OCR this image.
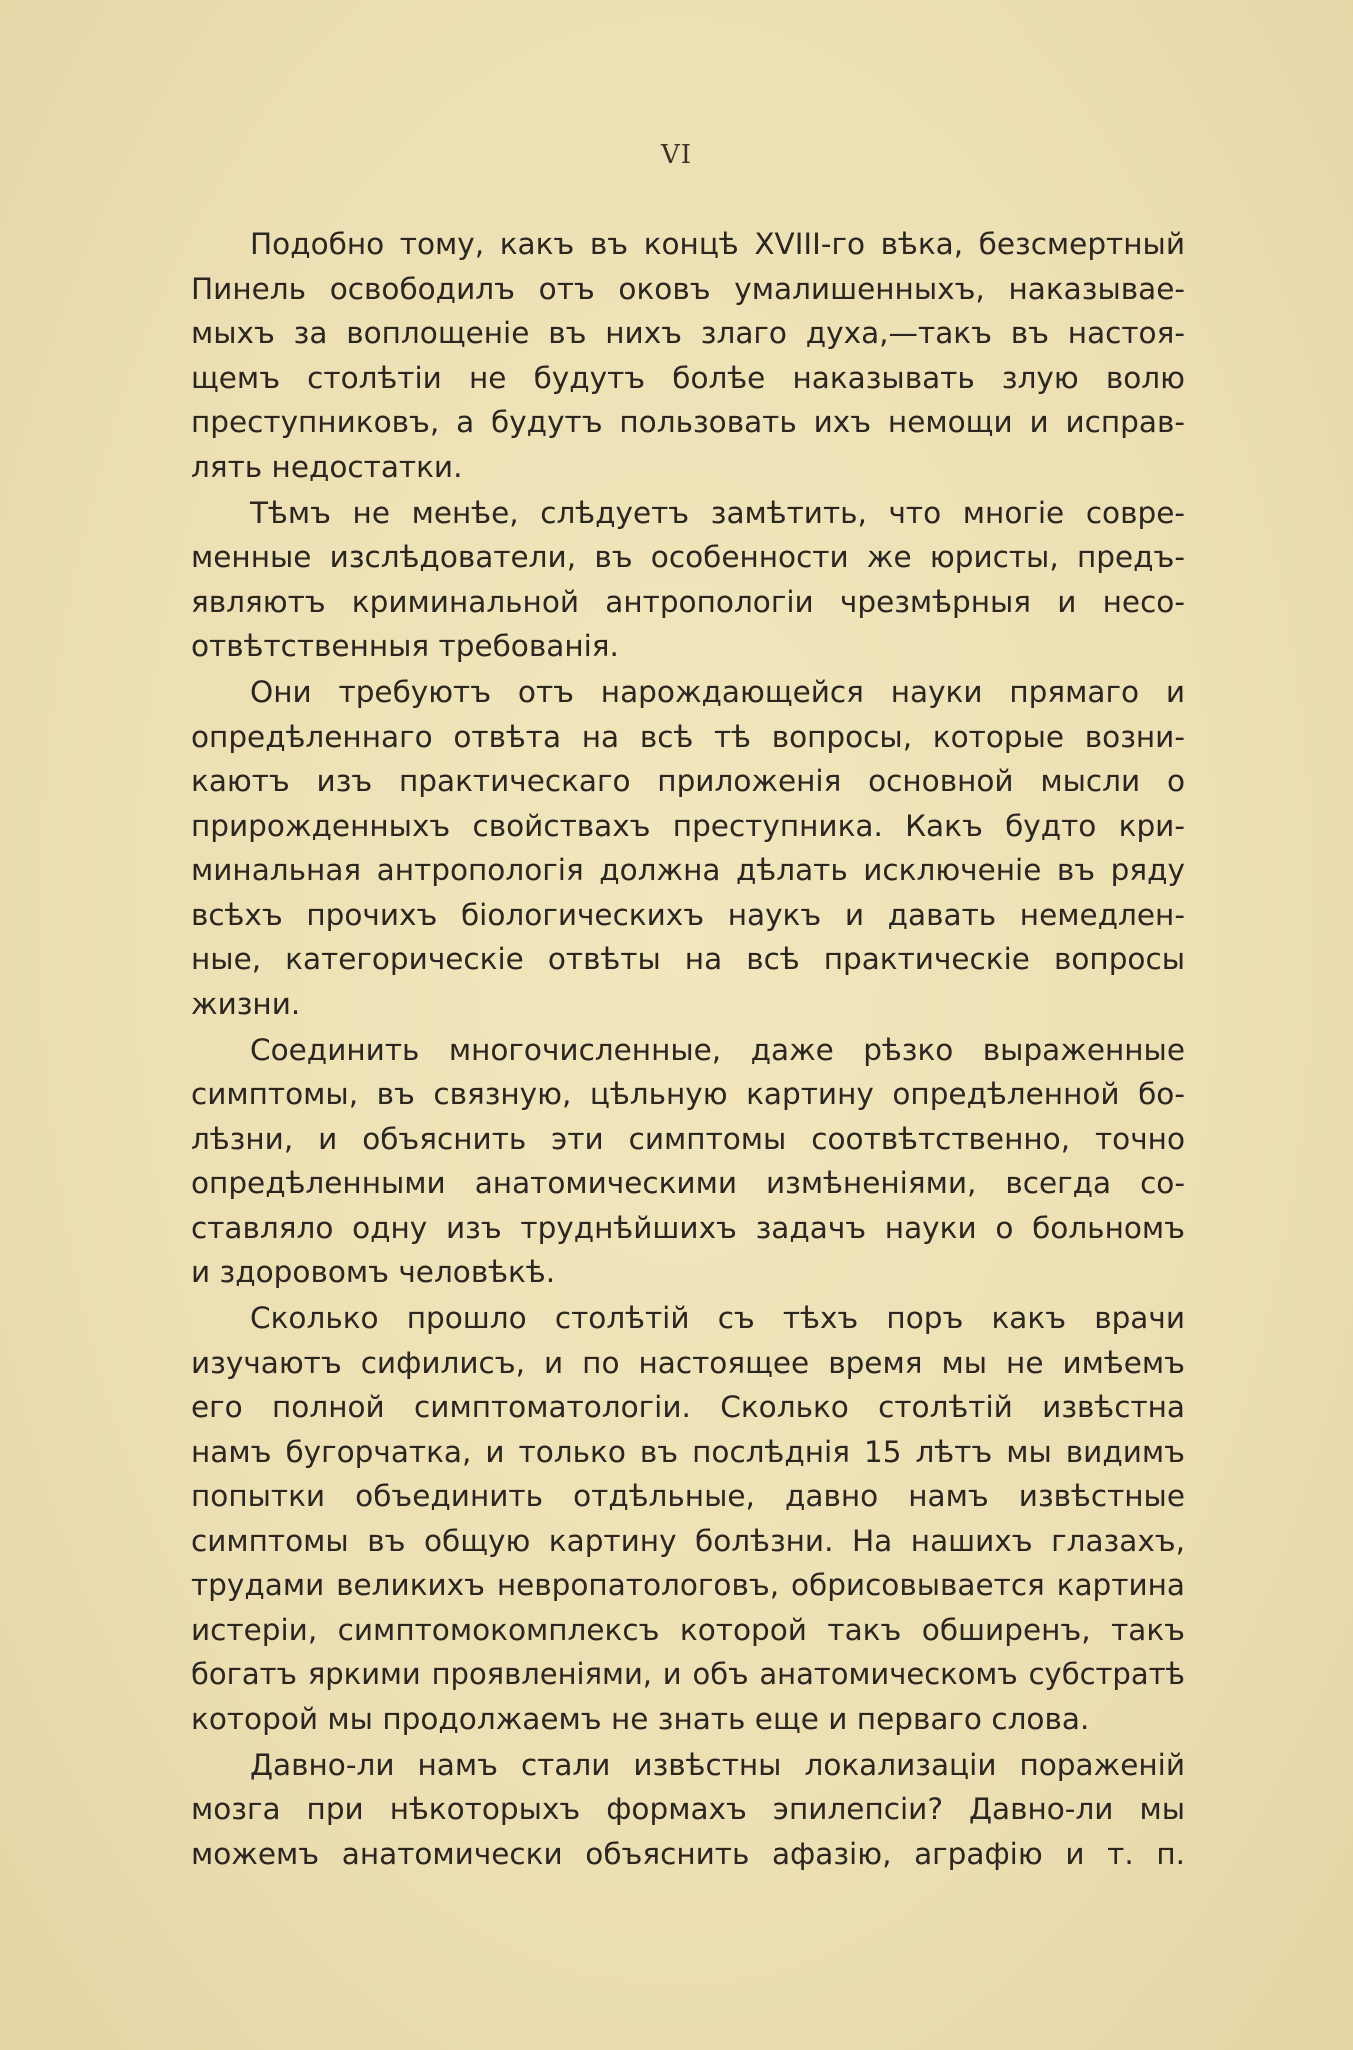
VI
Подобно тому, какъ въ концѣ XVIII-го вѣка, безсмертный
Пинель освободилъ отъ оковъ умалишенныхъ, наказывае-
мыхъ за воплощеніе въ нихъ злаго духа,—такъ въ настоя-
щемъ столѣтіи не будутъ болѣе наказывать злую волю
преступниковъ, а будутъ пользовать ихъ немощи и исправ-
лять недостатки.
Тѣмъ не менѣе, слѣдуетъ замѣтить, что многіе совре-
менные изслѣдователи, въ особенности же юристы, предъ-
являютъ криминальной антропологіи чрезмѣрныя и несо-
отвѣтственныя требованія.
Они требуютъ отъ нарождающейся науки прямаго и
опредѣленнаго отвѣта на всѣ тѣ вопросы, которые возни-
каютъ изъ практическаго приложенія основной мысли о
прирожденныхъ свойствахъ преступника. Какъ будто кри-
минальная антропологія должна дѣлать исключеніе въ ряду
всѣхъ прочихъ біологическихъ наукъ и давать немедлен-
ные, категорическіе отвѣты на всѣ практическіе вопросы
жизни.
Соединить многочисленные, даже рѣзко выраженные
симптомы, въ связную, цѣльную картину опредѣленной бо-
лѣзни, и объяснить эти симптомы соотвѣтственно, точно
опредѣленными анатомическими измѣненіями, всегда со-
ставляло одну изъ труднѣйшихъ задачъ науки о больномъ
и здоровомъ человѣкѣ.
Сколько прошло столѣтій съ тѣхъ поръ какъ врачи
изучаютъ сифилисъ, и по настоящее время мы не имѣемъ
его полной симптоматологіи. Сколько столѣтій извѣстна
намъ бугорчатка, и только въ послѣднія 15 лѣтъ мы видимъ
попытки объединить отдѣльные, давно намъ извѣстные
симптомы въ общую картину болѣзни. На нашихъ глазахъ,
трудами великихъ невропатологовъ, обрисовывается картина
истеріи, симптомокомплексъ которой такъ обширенъ, такъ
богатъ яркими проявленіями, и объ анатомическомъ субстратѣ
которой мы продолжаемъ не знать еще и перваго слова.
Давно-ли намъ стали извѣстны локализаціи пораженій
мозга при нѣкоторыхъ формахъ эпилепсіи? Давно-ли мы
можемъ анатомически объяснить афазію, аграфію и т. п.
